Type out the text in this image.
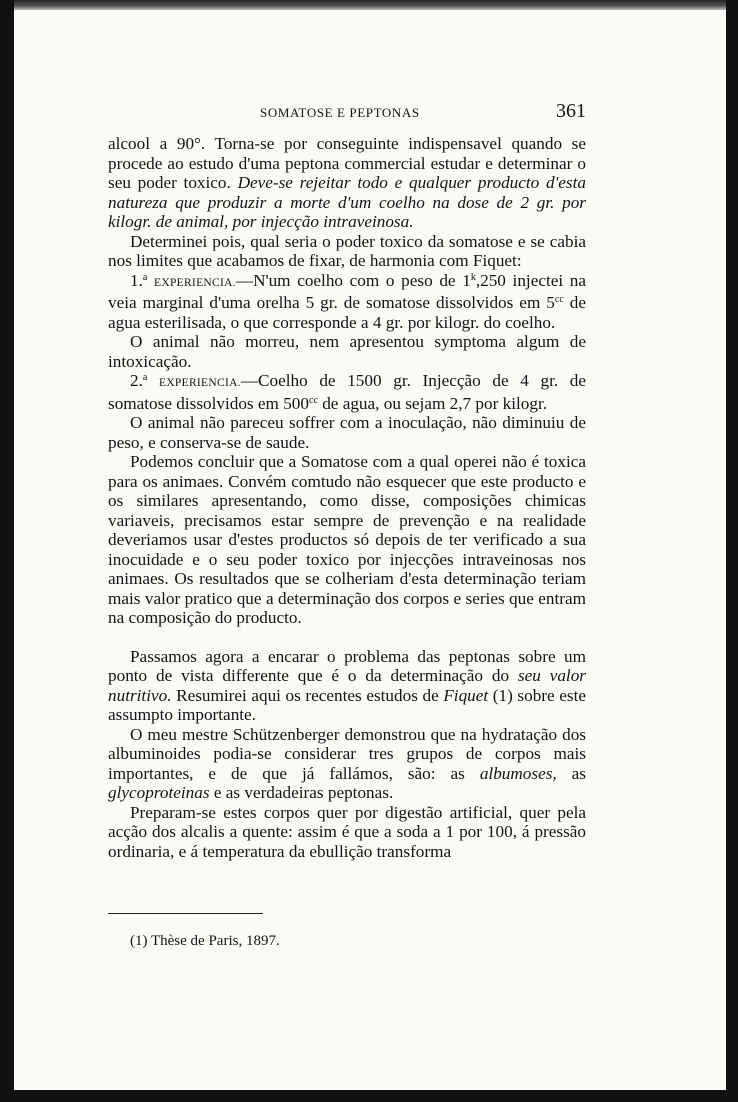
SOMATOSE E PEPTONAS	361

alcool a 90°. Torna-se por conseguinte indispensavel quando se procede ao estudo d'uma peptona commercial estudar e determinar o seu poder toxico. Deve-se rejeitar todo e qualquer producto d'esta natureza que produzir a morte d'um coelho na dose de 2 gr. por kilogr. de animal, por injecção intraveinosa.

Determinei pois, qual seria o poder toxico da somatose e se cabia nos limites que acabamos de fixar, de harmonia com Fiquet:

1.$^a$ EXPERIENCIA.—N'um coelho com o peso de 1$^k$,250 injectei na veia marginal d'uma orelha 5 gr. de somatose dissolvidos em $5^{cc}$ de agua esterilisada, o que corresponde a 4 gr. por kilogr. do coelho.

O animal não morreu, nem apresentou symptoma algum de intoxicação.

2.$^a$ EXPERIENCIA.—Coelho de 1500 gr. Injecção de 4 gr. de somatose dissolvidos em $500^{cc}$ de agua, ou sejam 2,7 por kilogr.

O animal não pareceu soffrer com a inoculação, não diminuiu de peso, e conserva-se de saude.

Podemos concluir que a Somatose com a qual operei não é toxica para os animaes. Convém comtudo não esquecer que este producto e os similares apresentando, como disse, composições chimicas variaveis, precisamos estar sempre de prevenção e na realidade deveriamos usar d'estes productos só depois de ter verificado a sua inocuidade e o seu poder toxico por injecções intraveinosas nos animaes. Os resultados que se colheriam d'esta determinação teriam mais valor pratico que a determinação dos corpos e series que entram na composição do producto.

Passamos agora a encarar o problema das peptonas sobre um ponto de vista differente que é o da determinação do seu valor nutritivo. Resumirei aqui os recentes estudos de Fiquet (1) sobre este assumpto importante.

O meu mestre Schützenberger demonstrou que na hydratação dos albuminoides podia-se considerar tres grupos de corpos mais importantes, e de que já fallámos, são: as albumoses, as glycoproteinas e as verdadeiras peptonas.

Preparam-se estes corpos quer por digestão artificial, quer pela acção dos alcalis a quente: assim é que a soda a 1 por 100, á pressão ordinaria, e á temperatura da ebullição transforma

(1) Thèse de Paris, 1897.
